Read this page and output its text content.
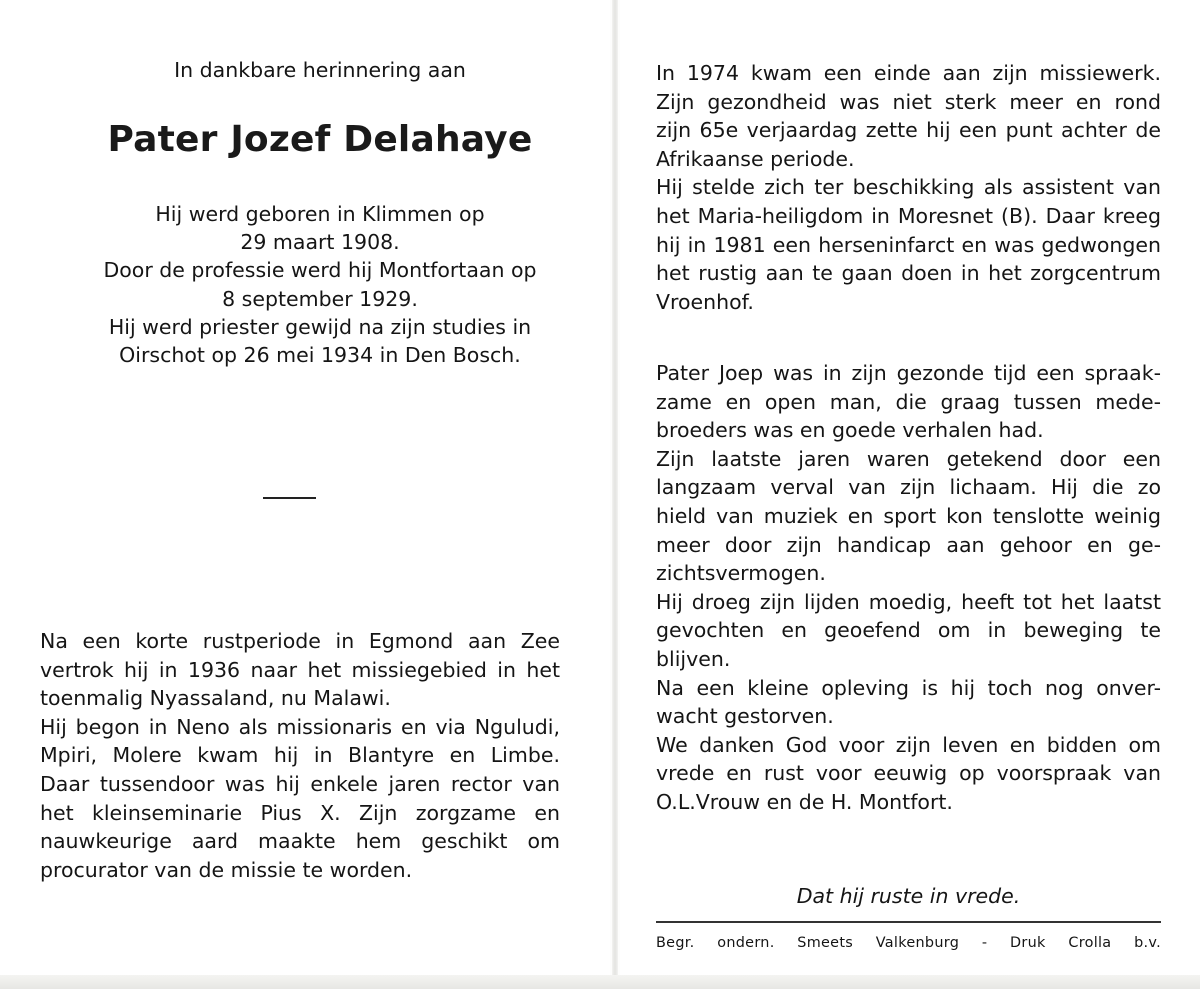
In dankbare herinnering aan
Pater Jozef Delahaye
Hij werd geboren in Klimmen op
29 maart 1908.
Door de professie werd hij Montfortaan op
8 september 1929.
Hij werd priester gewijd na zijn studies in
Oirschot op 26 mei 1934 in Den Bosch.
Na een korte rustperiode in Egmond aan Zee
vertrok hij in 1936 naar het missiegebied in het
toenmalig Nyassaland, nu Malawi.
Hij begon in Neno als missionaris en via Nguludi,
Mpiri, Molere kwam hij in Blantyre en Limbe.
Daar tussendoor was hij enkele jaren rector van
het kleinseminarie Pius X. Zijn zorgzame en
nauwkeurige aard maakte hem geschikt om
procurator van de missie te worden.
In 1974 kwam een einde aan zijn missiewerk.
Zijn gezondheid was niet sterk meer en rond
zijn 65e verjaardag zette hij een punt achter de
Afrikaanse periode.
Hij stelde zich ter beschikking als assistent van
het Maria-heiligdom in Moresnet (B). Daar kreeg
hij in 1981 een herseninfarct en was gedwongen
het rustig aan te gaan doen in het zorgcentrum
Vroenhof.
Pater Joep was in zijn gezonde tijd een spraak-
zame en open man, die graag tussen mede-
broeders was en goede verhalen had.
Zijn laatste jaren waren getekend door een
langzaam verval van zijn lichaam. Hij die zo
hield van muziek en sport kon tenslotte weinig
meer door zijn handicap aan gehoor en ge-
zichtsvermogen.
Hij droeg zijn lijden moedig, heeft tot het laatst
gevochten en geoefend om in beweging te
blijven.
Na een kleine opleving is hij toch nog onver-
wacht gestorven.
We danken God voor zijn leven en bidden om
vrede en rust voor eeuwig op voorspraak van
O.L.Vrouw en de H. Montfort.
Dat hij ruste in vrede.
Begr. ondern. Smeets Valkenburg - Druk Crolla b.v.
